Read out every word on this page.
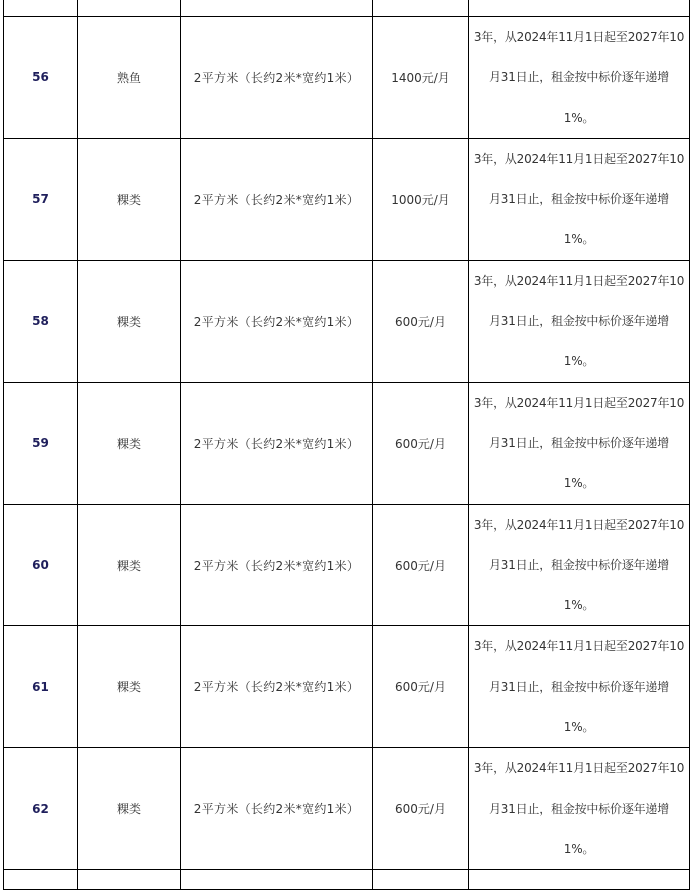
56	熟鱼	2平方米（长约2米*宽约1米）	1400元/月	3年，从2024年11月1日起至2027年10
月31日止，租金按中标价逐年递增
1%。

57	粿类	2平方米（长约2米*宽约1米）	1000元/月	3年，从2024年11月1日起至2027年10
月31日止，租金按中标价逐年递增
1%。

58	粿类	2平方米（长约2米*宽约1米）	600元/月	3年，从2024年11月1日起至2027年10
月31日止，租金按中标价逐年递增
1%。

59	粿类	2平方米（长约2米*宽约1米）	600元/月	3年，从2024年11月1日起至2027年10
月31日止，租金按中标价逐年递增
1%。

60	粿类	2平方米（长约2米*宽约1米）	600元/月	3年，从2024年11月1日起至2027年10
月31日止，租金按中标价逐年递增
1%。

61	粿类	2平方米（长约2米*宽约1米）	600元/月	3年，从2024年11月1日起至2027年10
月31日止，租金按中标价逐年递增
1%。

62	粿类	2平方米（长约2米*宽约1米）	600元/月	3年，从2024年11月1日起至2027年10
月31日止，租金按中标价逐年递增
1%。
